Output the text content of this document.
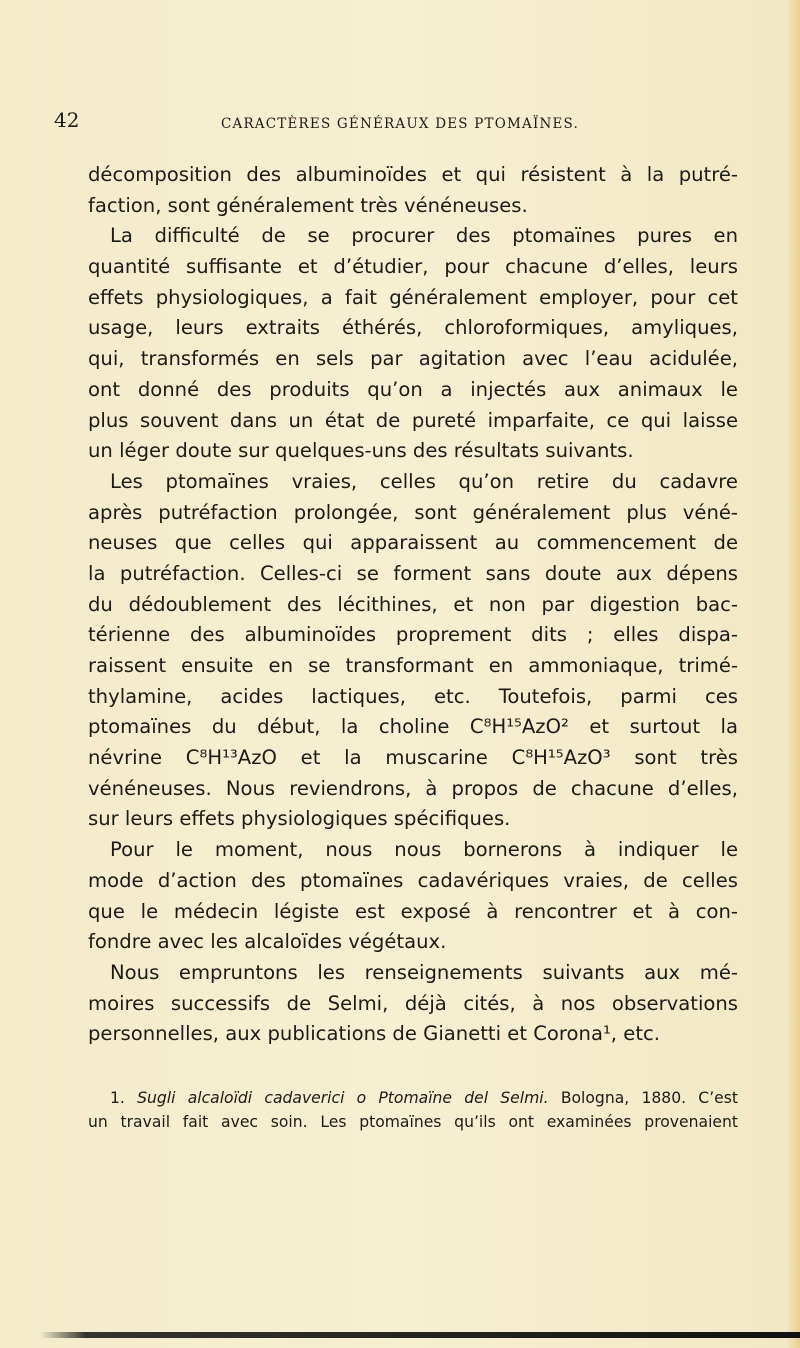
42	CARACTÈRES GÉNÉRAUX DES PTOMAÏNES.
décomposition des albuminoïdes et qui résistent à la putré-
faction, sont généralement très vénéneuses.
La difficulté de se procurer des ptomaïnes pures en
quantité suffisante et d’étudier, pour chacune d’elles, leurs
effets physiologiques, a fait généralement employer, pour cet
usage, leurs extraits éthérés, chloroformiques, amyliques,
qui, transformés en sels par agitation avec l’eau acidulée,
ont donné des produits qu’on a injectés aux animaux le
plus souvent dans un état de pureté imparfaite, ce qui laisse
un léger doute sur quelques-uns des résultats suivants.
Les ptomaïnes vraies, celles qu’on retire du cadavre
après putréfaction prolongée, sont généralement plus véné-
neuses que celles qui apparaissent au commencement de
la putréfaction. Celles-ci se forment sans doute aux dépens
du dédoublement des lécithines, et non par digestion bac-
térienne des albuminoïdes proprement dits ; elles dispa-
raissent ensuite en se transformant en ammoniaque, trimé-
thylamine, acides lactiques, etc. Toutefois, parmi ces
ptomaïnes du début, la choline C⁸H¹⁵AzO² et surtout la
névrine C⁸H¹³AzO et la muscarine C⁸H¹⁵AzO³ sont très
vénéneuses. Nous reviendrons, à propos de chacune d’elles,
sur leurs effets physiologiques spécifiques.
Pour le moment, nous nous bornerons à indiquer le
mode d’action des ptomaïnes cadavériques vraies, de celles
que le médecin légiste est exposé à rencontrer et à con-
fondre avec les alcaloïdes végétaux.
Nous empruntons les renseignements suivants aux mé-
moires successifs de Selmi, déjà cités, à nos observations
personnelles, aux publications de Gianetti et Corona¹, etc.
1. Sugli alcaloïdi cadaverici o Ptomaïne del Selmi. Bologna, 1880. C’est
un travail fait avec soin. Les ptomaïnes qu’ils ont examinées provenaient
